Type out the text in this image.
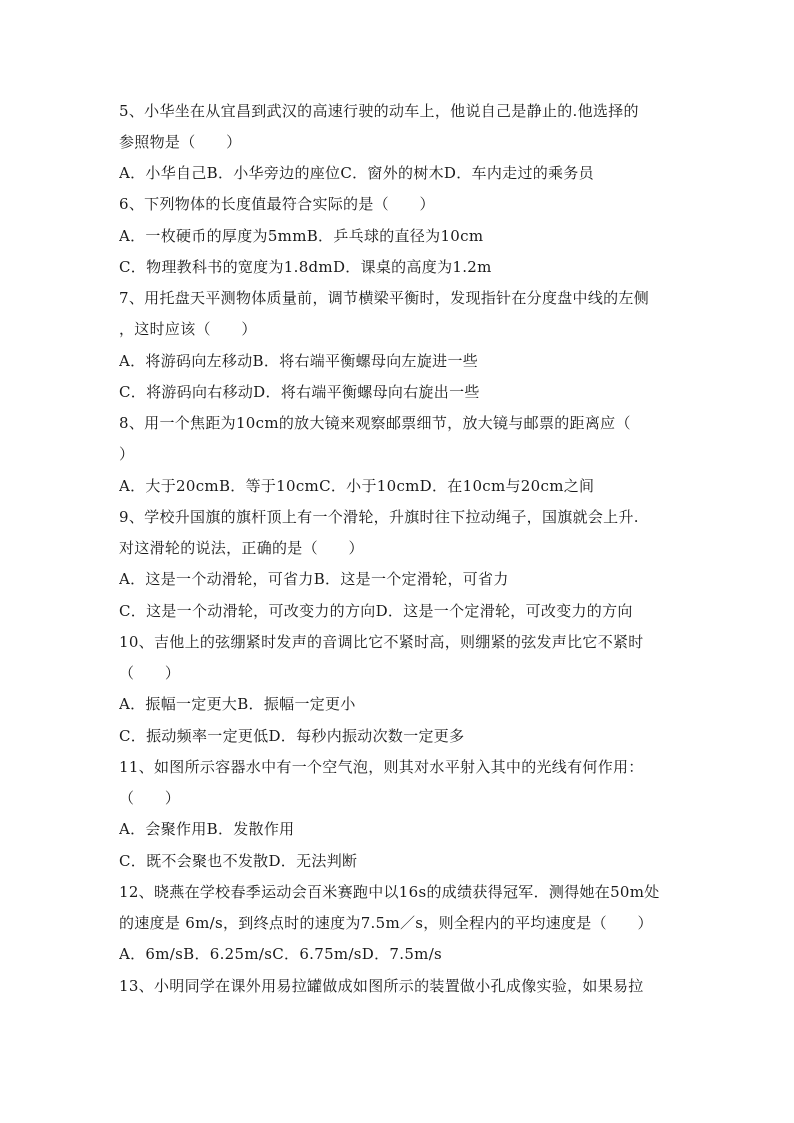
5、小华坐在从宜昌到武汉的高速行驶的动车上，他说自己是静止的.他选择的
参照物是（　　）
A．小华自己B．小华旁边的座位C．窗外的树木D．车内走过的乘务员
6、下列物体的长度值最符合实际的是（　　）
A．一枚硬币的厚度为5mmB．乒乓球的直径为10cm
C．物理教科书的宽度为1.8dmD．课桌的高度为1.2m
7、用托盘天平测物体质量前，调节横梁平衡时，发现指针在分度盘中线的左侧
，这时应该（　　）
A．将游码向左移动B．将右端平衡螺母向左旋进一些
C．将游码向右移动D．将右端平衡螺母向右旋出一些
8、用一个焦距为10cm的放大镜来观察邮票细节，放大镜与邮票的距离应（
）
A．大于20cmB．等于10cmC．小于10cmD．在10cm与20cm之间
9、学校升国旗的旗杆顶上有一个滑轮，升旗时往下拉动绳子，国旗就会上升.
对这滑轮的说法，正确的是（　　）
A．这是一个动滑轮，可省力B．这是一个定滑轮，可省力
C．这是一个动滑轮，可改变力的方向D．这是一个定滑轮，可改变力的方向
10、吉他上的弦绷紧时发声的音调比它不紧时高，则绷紧的弦发声比它不紧时
（　　）
A．振幅一定更大B．振幅一定更小
C．振动频率一定更低D．每秒内振动次数一定更多
11、如图所示容器水中有一个空气泡，则其对水平射入其中的光线有何作用：
（　　）
A．会聚作用B．发散作用
C．既不会聚也不发散D．无法判断
12、晓燕在学校春季运动会百米赛跑中以16s的成绩获得冠军．测得她在50m处
的速度是 6m/s，到终点时的速度为7.5m／s，则全程内的平均速度是（　　）
A．6m/sB．6.25m/sC．6.75m/sD．7.5m/s
13、小明同学在课外用易拉罐做成如图所示的装置做小孔成像实验，如果易拉
